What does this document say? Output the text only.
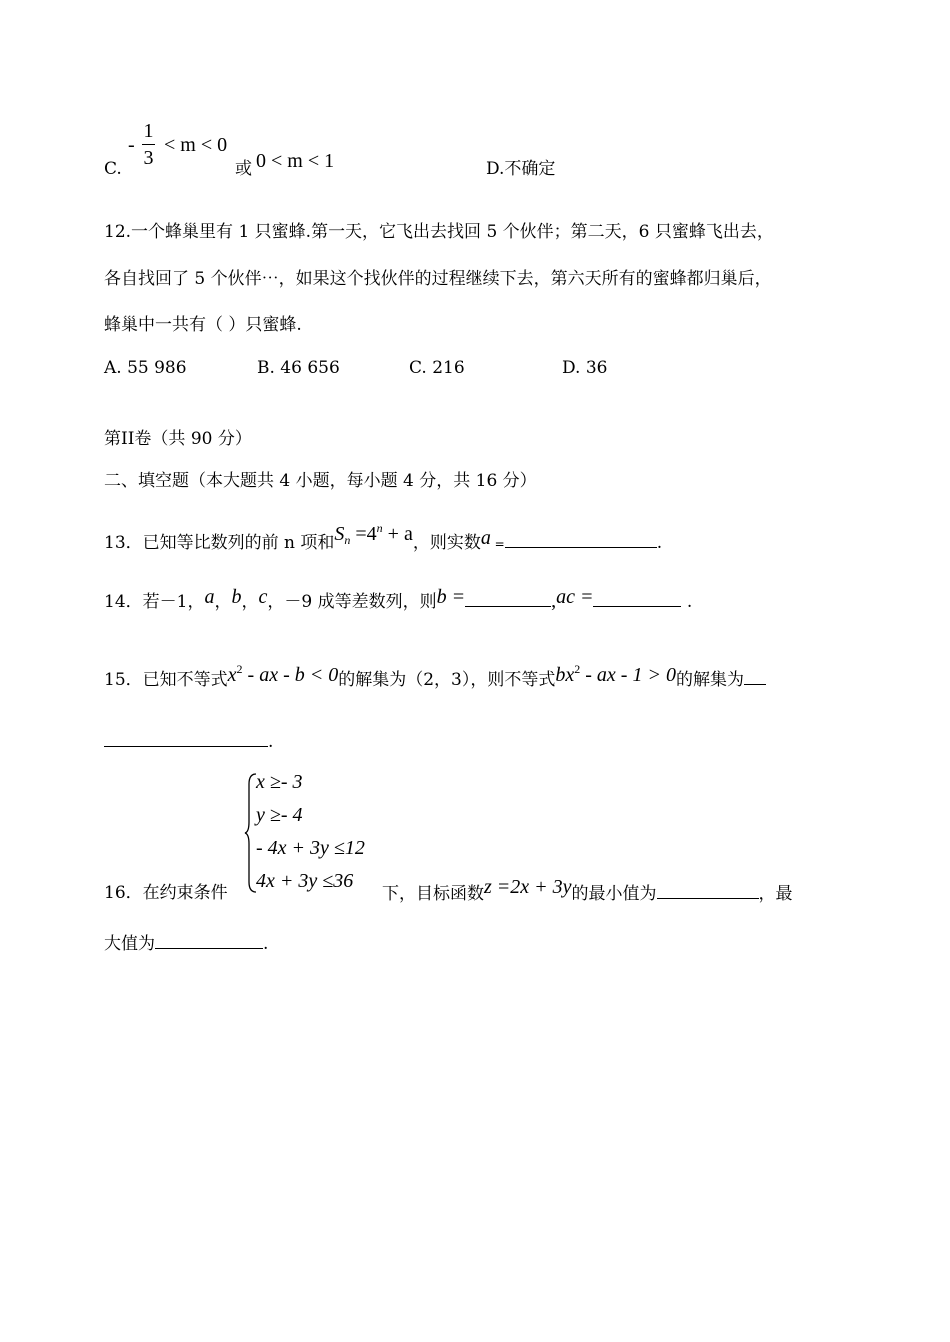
C.
-
1
3
< m < 0
或 0 < m < 1	D.不确定
12.一个蜂巢里有 1 只蜜蜂.第一天，它飞出去找回 5 个伙伴；第二天，6 只蜜蜂飞出去，
各自找回了 5 个伙伴⋯，如果这个找伙伴的过程继续下去，第六天所有的蜜蜂都归巢后，
蜂巢中一共有（ ）只蜜蜂.
A. 55 986	B. 46 656	C. 216	D. 36
第II卷（共 90 分）
二、填空题（本大题共 4 小题，每小题 4 分，共 16 分）
13．已知等比数列的前 n 项和$S_n =4^n + a$，则实数a =	.
14．若－1，a，b，c，－9 成等差数列，则b =	,ac =	.
15．已知不等式$x^2$ - ax - b < 0的解集为（2，3），则不等式$bx^2$ - ax - 1 > 0的解集为
.
x ≥- 3
y ≥- 4
- 4x + 3y ≤12
4x + 3y ≤36
16．在约束条件	下，目标函数z =2x + 3y的最小值为	，最
大值为	.
